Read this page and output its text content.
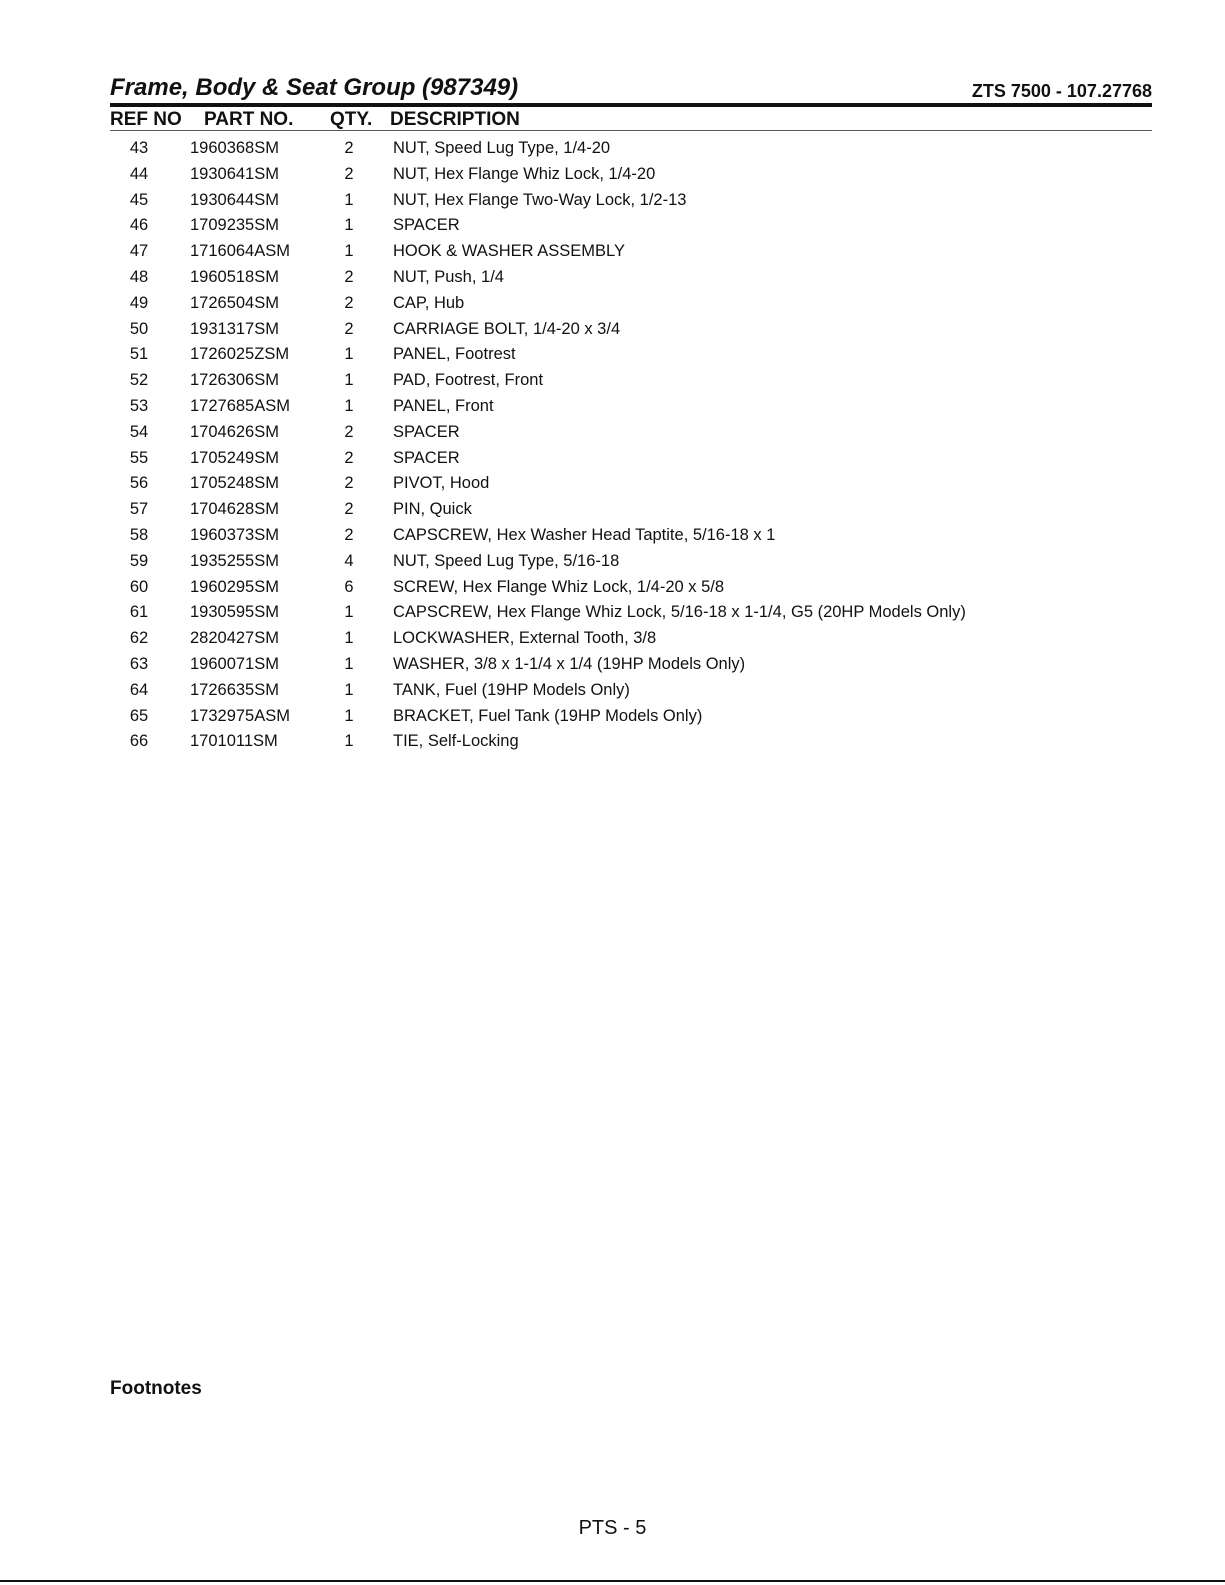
Frame, Body & Seat Group (987349)	ZTS 7500 - 107.27768
REF NO PART NO. QTY. DESCRIPTION
43	1960368SM	2 NUT, Speed Lug Type, 1/4-20
44	1930641SM	2 NUT, Hex Flange Whiz Lock, 1/4-20
45	1930644SM	1 NUT, Hex Flange Two-Way Lock, 1/2-13
46	1709235SM	1 SPACER
47	1716064ASM	1 HOOK & WASHER ASSEMBLY
48	1960518SM	2 NUT, Push, 1/4
49	1726504SM	2 CAP, Hub
50	1931317SM	2 CARRIAGE BOLT, 1/4-20 x 3/4
51	1726025ZSM	1 PANEL, Footrest
52	1726306SM	1 PAD, Footrest, Front
53	1727685ASM	1 PANEL, Front
54	1704626SM	2 SPACER
55	1705249SM	2 SPACER
56	1705248SM	2 PIVOT, Hood
57	1704628SM	2 PIN, Quick
58	1960373SM	2 CAPSCREW, Hex Washer Head Taptite, 5/16-18 x 1
59	1935255SM	4 NUT, Speed Lug Type, 5/16-18
60	1960295SM	6 SCREW, Hex Flange Whiz Lock, 1/4-20 x 5/8
61	1930595SM	1 CAPSCREW, Hex Flange Whiz Lock, 5/16-18 x 1-1/4, G5 (20HP Models Only)
62	2820427SM	1 LOCKWASHER, External Tooth, 3/8
63	1960071SM	1 WASHER, 3/8 x 1-1/4 x 1/4 (19HP Models Only)
64	1726635SM	1 TANK, Fuel (19HP Models Only)
65	1732975ASM	1 BRACKET, Fuel Tank (19HP Models Only)
66	1701011SM	1 TIE, Self-Locking
Footnotes
PTS - 5
